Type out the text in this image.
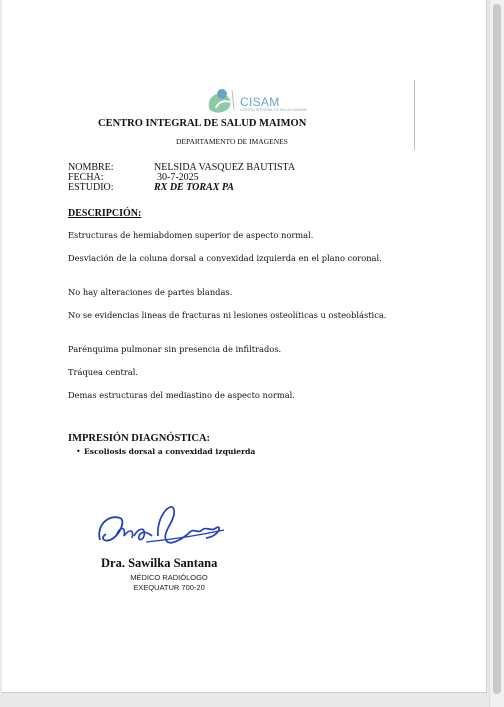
CISAM
CENTRO INTEGRAL DE SALUD MAIMON
CENTRO INTEGRAL DE SALUD MAIMON
DEPARTAMENTO DE IMAGENES
NOMBRE:	NELSIDA VASQUEZ BAUTISTA
FECHA:	30-7-2025
ESTUDIO:	RX DE TORAX PA
DESCRIPCIÓN:

Estructuras de hemiabdomen superior de aspecto normal.

Desviación de la coluna dorsal a convexidad izquierda en el plano coronal.

No hay alteraciones de partes blandas.

No se evidencias lineas de fracturas ni lesiones osteolíticas u osteoblástica.

Parénquima pulmonar sin presencia de infiltrados.

Tráquea central.

Demas estructuras del mediastino de aspecto normal.

IMPRESIÓN DIAGNÓSTICA:
• Escoliosis dorsal a convexidad izquierda
Dra. Sawilka Santana
MÉDICO RADIÓLOGO
EXEQUATUR 700-20
